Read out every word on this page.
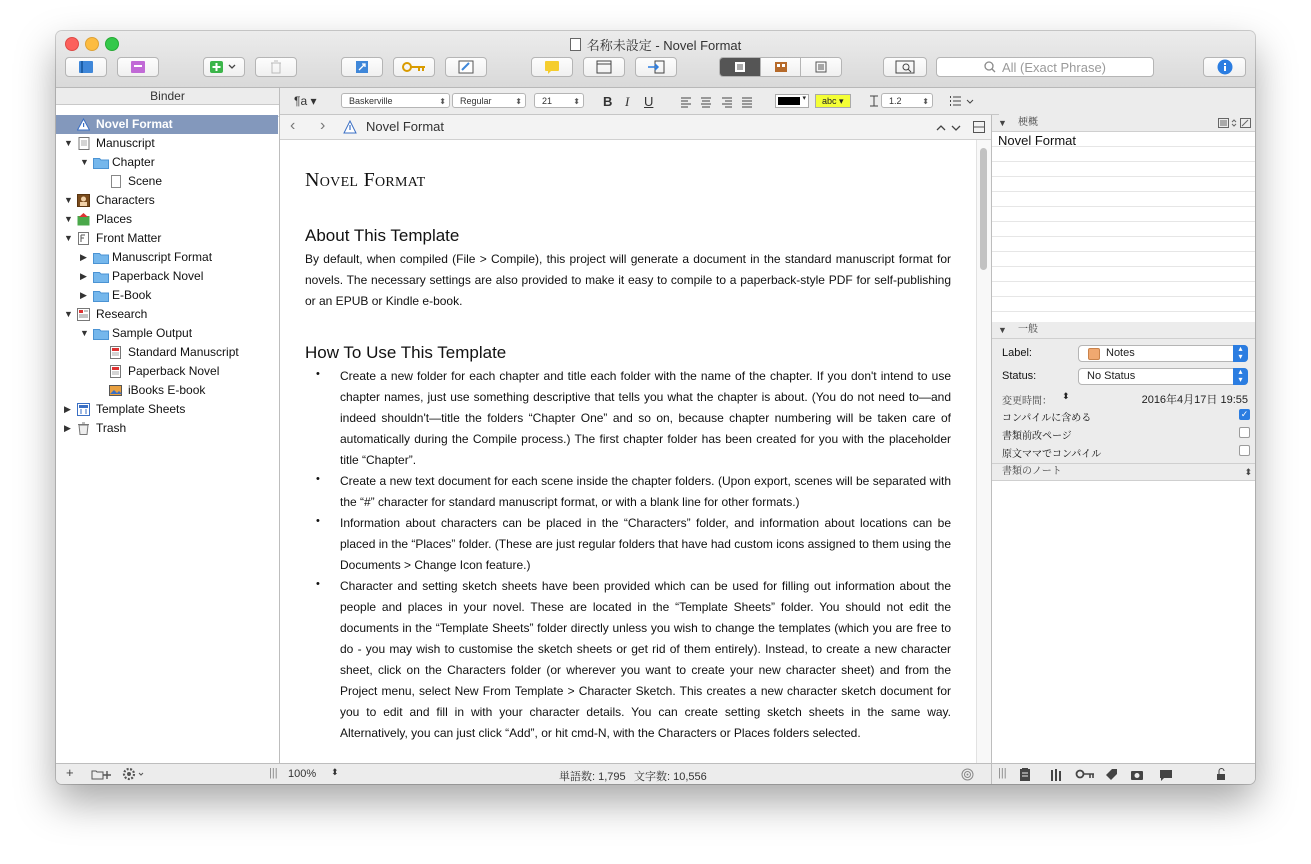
名称未設定 - Novel Format
All (Exact Phrase)
Binder
Novel Format
▼ Manuscript
▼ Chapter
Scene
▼ Characters
▼ Places
▼ Front Matter
▶ Manuscript Format
▶ Paperback Novel
▶ E-Book
▼ Research
▼ Sample Output
Standard Manuscript
Paperback Novel
iBooks E-book
▶ Template Sheets
▶ Trash
+
¶a ▾	Baskerville	⬍	Regular	⬍	21	⬍ B I U	▾	abc ▾	1.2	⬍
‹ ›	Novel Format
Novel Format
About This Template
By default, when compiled (File > Compile), this project will generate a document in the standard manuscript format for novels. The necessary settings are also provided to make it easy to compile to a paperback-style PDF for self-publishing or an EPUB or Kindle e-book.
How To Use This Template
• Create a new folder for each chapter and title each folder with the name of the chapter. If you don't intend to use chapter names, just use something descriptive that tells you what the chapter is about. (You do not need to—and indeed shouldn't—title the folders “Chapter One” and so on, because chapter numbering will be taken care of automatically during the Compile process.) The first chapter folder has been created for you with the placeholder title “Chapter”.
• Create a new text document for each scene inside the chapter folders. (Upon export, scenes will be separated with the “#” character for standard manuscript format, or with a blank line for other formats.)
• Information about characters can be placed in the “Characters” folder, and information about locations can be placed in the “Places” folder. (These are just regular folders that have had custom icons assigned to them using the Documents > Change Icon feature.)
• Character and setting sketch sheets have been provided which can be used for filling out information about the people and places in your novel. These are located in the “Template Sheets” folder. You should not edit the documents in the “Template Sheets” folder directly unless you wish to change the templates (which you are free to do - you may wish to customise the sketch sheets or get rid of them entirely). Instead, to create a new character sheet, click on the Characters folder (or wherever you want to create your new character sheet) and from the Project menu, select New From Template > Character Sketch. This creates a new character sketch document for you to edit and fill in with your character details. You can create setting sketch sheets in the same way. Alternatively, you can just click “Add”, or hit cmd-N, with the Characters or Places folders selected.
||| 100% ⬍	単語数: 1,795 文字数: 10,556
▼ 梗概
Novel Format
▼ 一般
Label:	Notes	▴
▾
Status:	No Status	▴
▾
変更時間： ⬍	2016年4月17日 19:55
コンパイルに含める	✓
書類前改ページ
原文ママでコンパイル
書類のノート	⬍
|||
